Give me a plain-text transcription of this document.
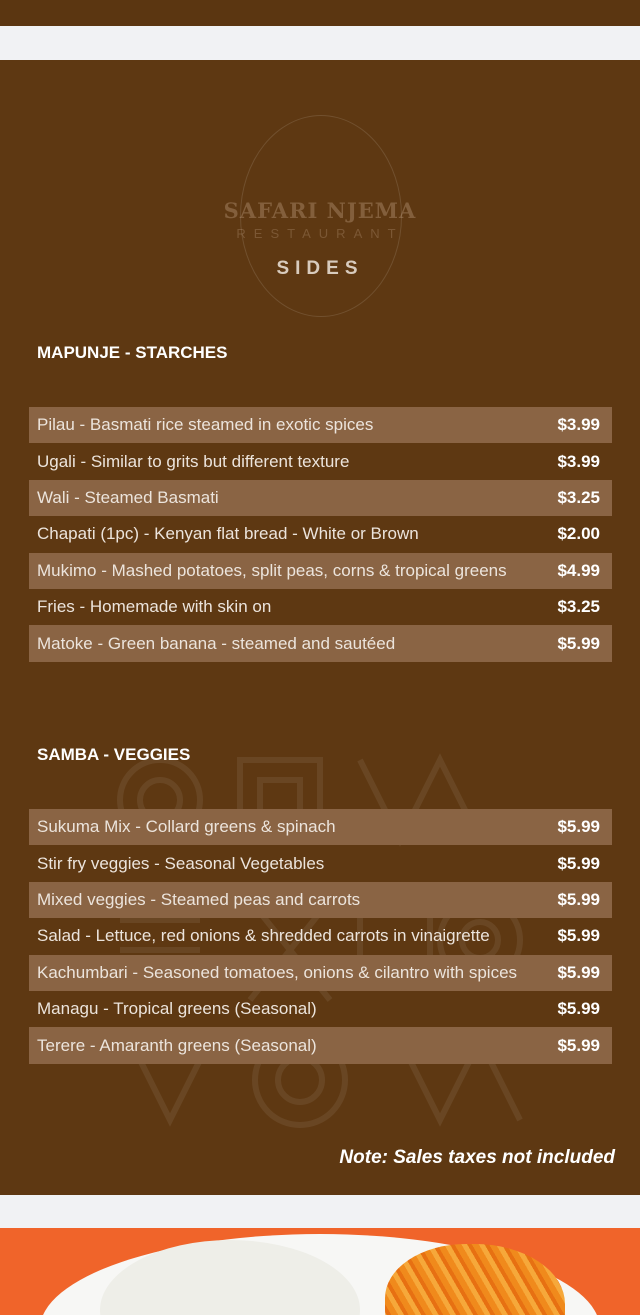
SAFARI NJEMA
RESTAURANT
SIDES
MAPUNJE - STARCHES
Pilau - Basmati rice steamed in exotic spices	$3.99
Ugali - Similar to grits but different texture	$3.99
Wali - Steamed Basmati	$3.25
Chapati (1pc) - Kenyan flat bread - White or Brown	$2.00
Mukimo - Mashed potatoes, split peas, corns & tropical greens	$4.99
Fries - Homemade with skin on	$3.25
Matoke - Green banana - steamed and sautéed	$5.99
SAMBA - VEGGIES
Sukuma Mix - Collard greens & spinach	$5.99
Stir fry veggies - Seasonal Vegetables	$5.99
Mixed veggies - Steamed peas and carrots	$5.99
Salad - Lettuce, red onions & shredded carrots in vinaigrette	$5.99
Kachumbari - Seasoned tomatoes, onions & cilantro with spices $5.99
Managu - Tropical greens (Seasonal)	$5.99
Terere - Amaranth greens (Seasonal)	$5.99
Note: Sales taxes not included
